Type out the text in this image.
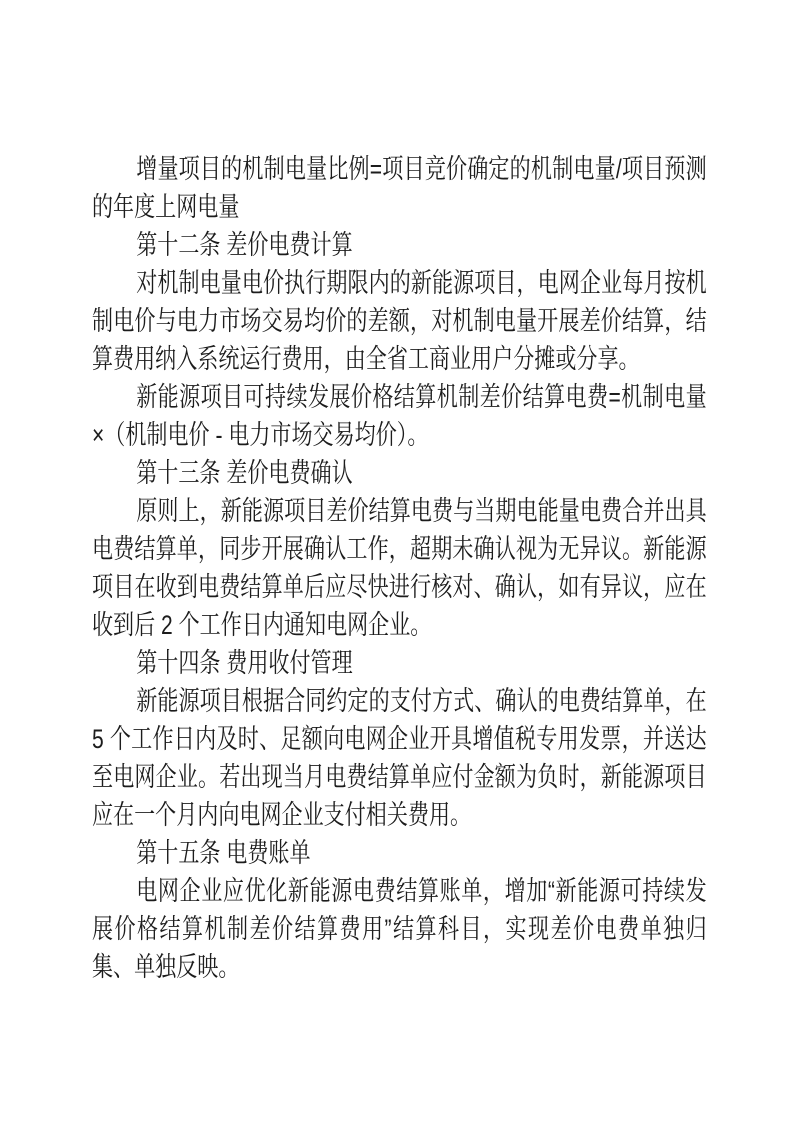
增量项目的机制电量比例=项目竞价确定的机制电量/项目预测的年度上网电量

第十二条 差价电费计算

对机制电量电价执行期限内的新能源项目，电网企业每月按机制电价与电力市场交易均价的差额，对机制电量开展差价结算，结算费用纳入系统运行费用，由全省工商业用户分摊或分享。

新能源项目可持续发展价格结算机制差价结算电费=机制电量×（机制电价 - 电力市场交易均价）。

第十三条 差价电费确认

原则上，新能源项目差价结算电费与当期电能量电费合并出具电费结算单，同步开展确认工作，超期未确认视为无异议。新能源项目在收到电费结算单后应尽快进行核对、确认，如有异议，应在收到后 2 个工作日内通知电网企业。

第十四条 费用收付管理

新能源项目根据合同约定的支付方式、确认的电费结算单，在 5 个工作日内及时、足额向电网企业开具增值税专用发票，并送达至电网企业。若出现当月电费结算单应付金额为负时，新能源项目应在一个月内向电网企业支付相关费用。

第十五条 电费账单

电网企业应优化新能源电费结算账单，增加“新能源可持续发展价格结算机制差价结算费用”结算科目，实现差价电费单独归集、单独反映。
